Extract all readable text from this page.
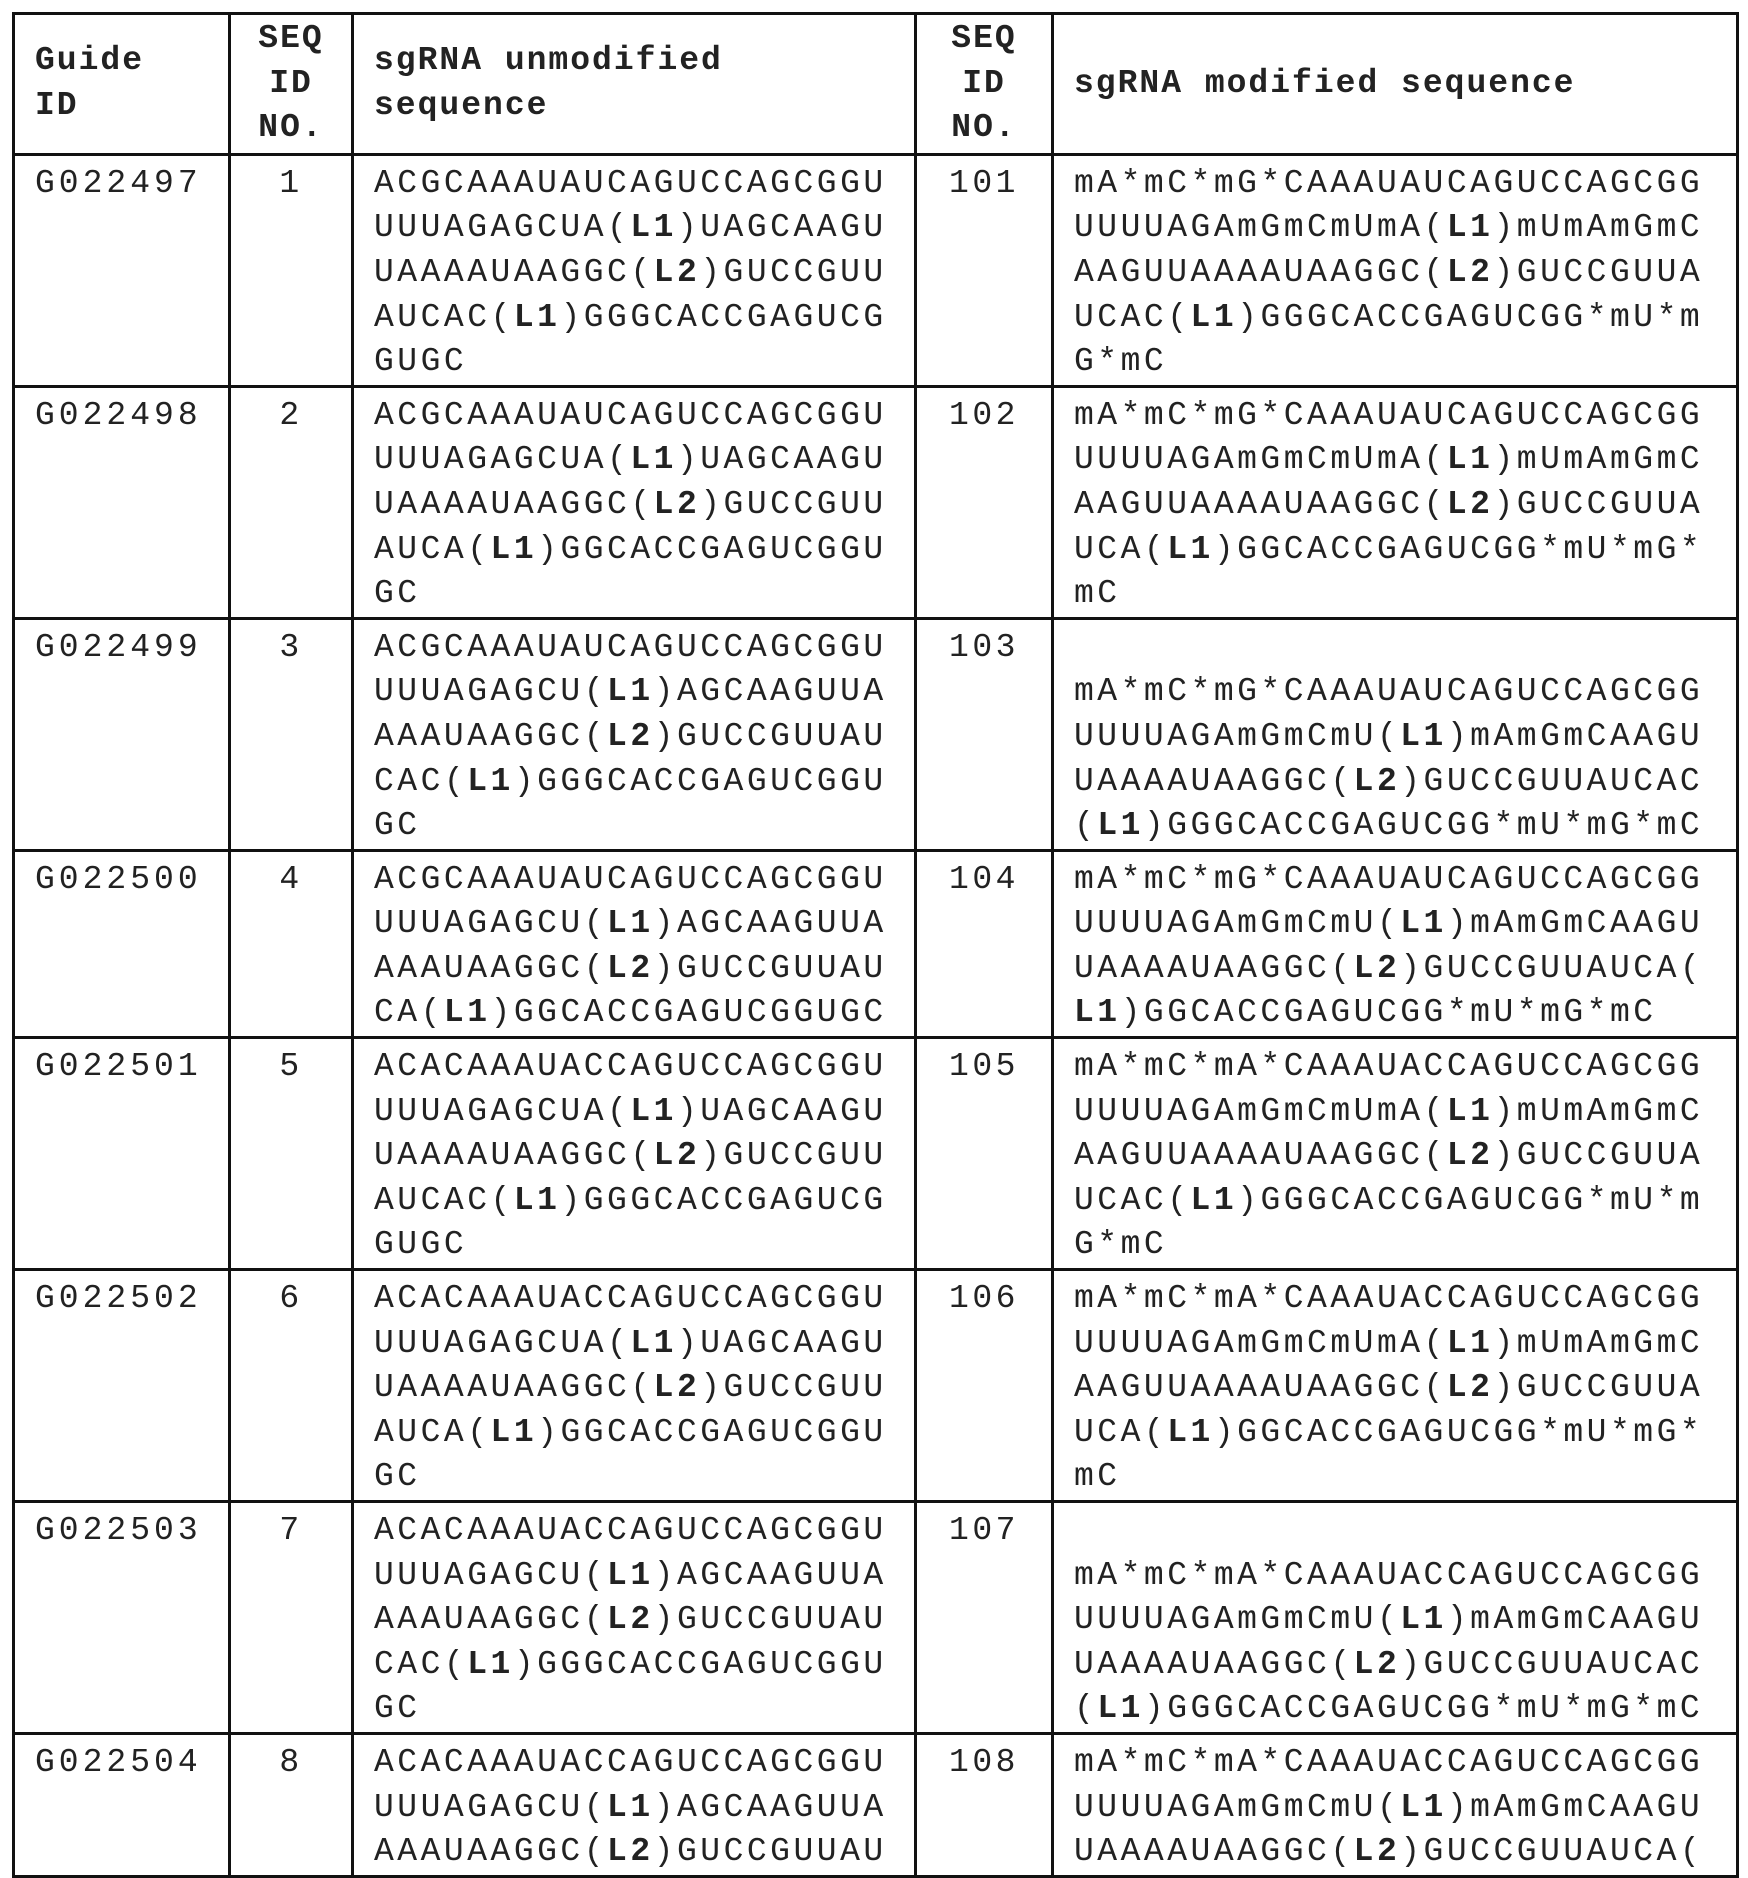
Guide
ID

SEQ
ID
NO.

sgRNA unmodified
sequence

SEQ
ID
NO.

sgRNA modified sequence

G022497	1	ACGCAAAUAUCAGUCCAGCGGU
UUUAGAGCUA(L1)UAGCAAGU
UAAAAUAAGGC(L2)GUCCGUU
AUCAC(L1)GGGCACCGAGUCG
GUGC
	101	mA*mC*mG*CAAAUAUCAGUCCAGCGG
UUUUAGAmGmCmUmA(L1)mUmAmGmC
AAGUUAAAAUAAGGC(L2)GUCCGUUA
UCAC(L1)GGGCACCGAGUCGG*mU*m
G*mC

G022498	2	ACGCAAAUAUCAGUCCAGCGGU
UUUAGAGCUA(L1)UAGCAAGU
UAAAAUAAGGC(L2)GUCCGUU
AUCA(L1)GGCACCGAGUCGGU
GC
	102	mA*mC*mG*CAAAUAUCAGUCCAGCGG
UUUUAGAmGmCmUmA(L1)mUmAmGmC
AAGUUAAAAUAAGGC(L2)GUCCGUUA
UCA(L1)GGCACCGAGUCGG*mU*mG*
mC

G022499	3	ACGCAAAUAUCAGUCCAGCGGU
UUUAGAGCU(L1)AGCAAGUUA
AAAUAAGGC(L2)GUCCGUUAU
CAC(L1)GGGCACCGAGUCGGU
GC
	103	
mA*mC*mG*CAAAUAUCAGUCCAGCGG
UUUUAGAmGmCmU(L1)mAmGmCAAGU
UAAAAUAAGGC(L2)GUCCGUUAUCAC
(L1)GGGCACCGAGUCGG*mU*mG*mC

G022500	4	ACGCAAAUAUCAGUCCAGCGGU
UUUAGAGCU(L1)AGCAAGUUA
AAAUAAGGC(L2)GUCCGUUAU
CA(L1)GGCACCGAGUCGGUGC
	104	mA*mC*mG*CAAAUAUCAGUCCAGCGG
UUUUAGAmGmCmU(L1)mAmGmCAAGU
UAAAAUAAGGC(L2)GUCCGUUAUCA(
L1)GGCACCGAGUCGG*mU*mG*mC

G022501	5	ACACAAAUACCAGUCCAGCGGU
UUUAGAGCUA(L1)UAGCAAGU
UAAAAUAAGGC(L2)GUCCGUU
AUCAC(L1)GGGCACCGAGUCG
GUGC
	105	mA*mC*mA*CAAAUACCAGUCCAGCGG
UUUUAGAmGmCmUmA(L1)mUmAmGmC
AAGUUAAAAUAAGGC(L2)GUCCGUUA
UCAC(L1)GGGCACCGAGUCGG*mU*m
G*mC

G022502	6	ACACAAAUACCAGUCCAGCGGU
UUUAGAGCUA(L1)UAGCAAGU
UAAAAUAAGGC(L2)GUCCGUU
AUCA(L1)GGCACCGAGUCGGU
GC
	106	mA*mC*mA*CAAAUACCAGUCCAGCGG
UUUUAGAmGmCmUmA(L1)mUmAmGmC
AAGUUAAAAUAAGGC(L2)GUCCGUUA
UCA(L1)GGCACCGAGUCGG*mU*mG*
mC

G022503	7	ACACAAAUACCAGUCCAGCGGU
UUUAGAGCU(L1)AGCAAGUUA
AAAUAAGGC(L2)GUCCGUUAU
CAC(L1)GGGCACCGAGUCGGU
GC
	107	
mA*mC*mA*CAAAUACCAGUCCAGCGG
UUUUAGAmGmCmU(L1)mAmGmCAAGU
UAAAAUAAGGC(L2)GUCCGUUAUCAC
(L1)GGGCACCGAGUCGG*mU*mG*mC

G022504	8	ACACAAAUACCAGUCCAGCGGU
UUUAGAGCU(L1)AGCAAGUUA
AAAUAAGGC(L2)GUCCGUUAU
	108	mA*mC*mA*CAAAUACCAGUCCAGCGG
UUUUAGAmGmCmU(L1)mAmGmCAAGU
UAAAAUAAGGC(L2)GUCCGUUAUCA(
